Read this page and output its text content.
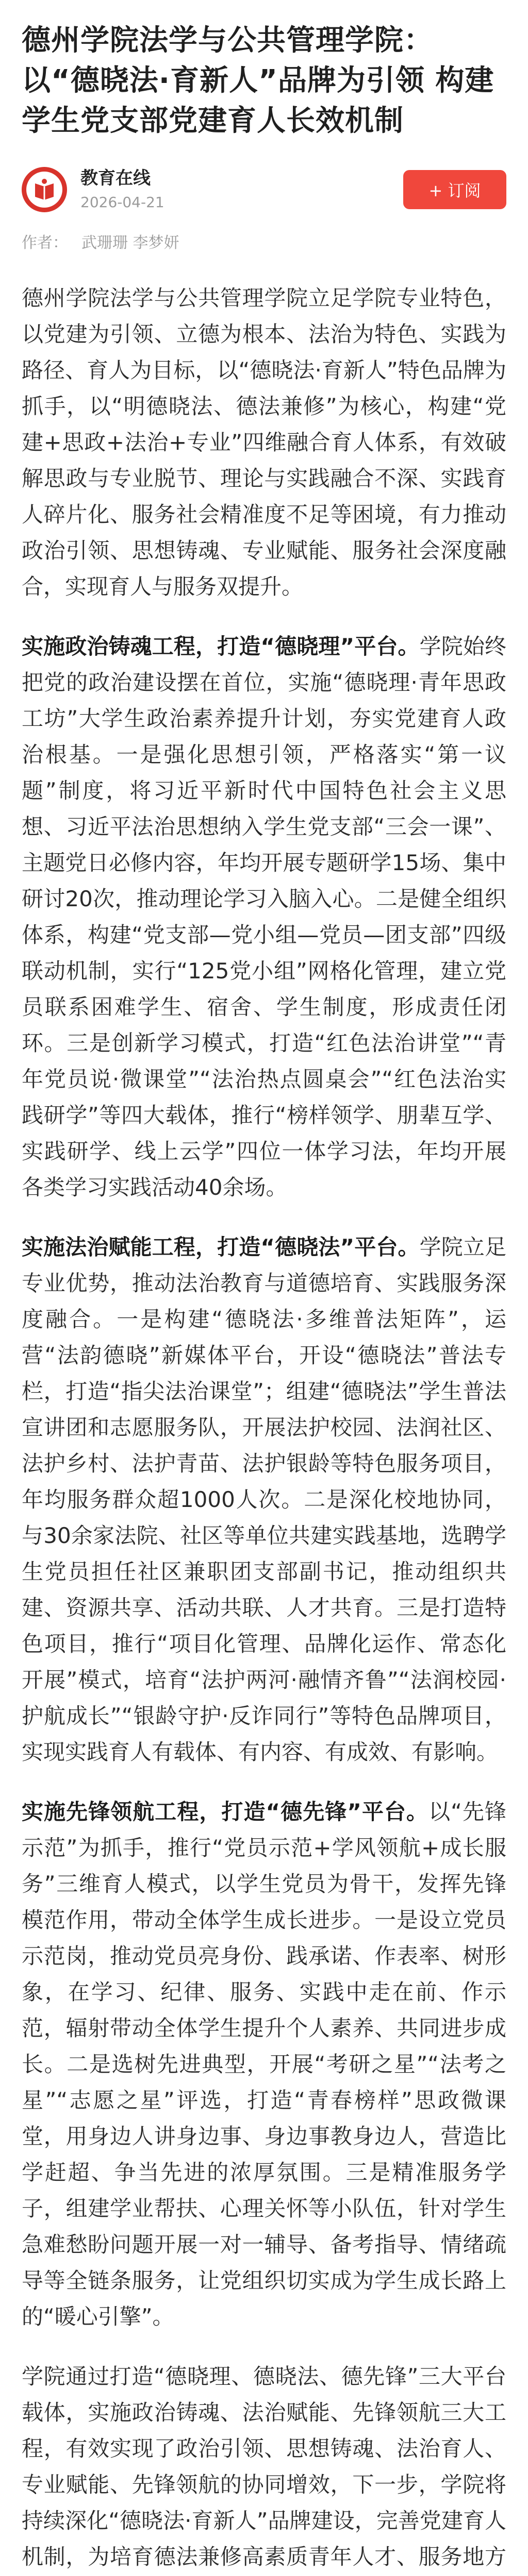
德州学院法学与公共管理学院：以“德晓法·育新人”品牌为引领 构建学生党支部党建育人长效机制
教育在线
2026-04-21
+ 订阅
作者： 武珊珊 李梦妍

德州学院法学与公共管理学院立足学院专业特色，以党建为引领、立德为根本、法治为特色、实践为路径、育人为目标，以“德晓法·育新人”特色品牌为抓手，以“明德晓法、德法兼修”为核心，构建“党建+思政+法治+专业”四维融合育人体系，有效破解思政与专业脱节、理论与实践融合不深、实践育人碎片化、服务社会精准度不足等困境，有力推动政治引领、思想铸魂、专业赋能、服务社会深度融合，实现育人与服务双提升。

实施政治铸魂工程，打造“德晓理”平台。学院始终把党的政治建设摆在首位，实施“德晓理·青年思政工坊”大学生政治素养提升计划，夯实党建育人政治根基。一是强化思想引领，严格落实“第一议题”制度，将习近平新时代中国特色社会主义思想、习近平法治思想纳入学生党支部“三会一课”、主题党日必修内容，年均开展专题研学15场、集中研讨20次，推动理论学习入脑入心。二是健全组织体系，构建“党支部—党小组—党员—团支部”四级联动机制，实行“125党小组”网格化管理，建立党员联系困难学生、宿舍、学生制度，形成责任闭环。三是创新学习模式，打造“红色法治讲堂”“青年党员说·微课堂”“法治热点圆桌会”“红色法治实践研学”等四大载体，推行“榜样领学、朋辈互学、实践研学、线上云学”四位一体学习法，年均开展各类学习实践活动40余场。

实施法治赋能工程，打造“德晓法”平台。学院立足专业优势，推动法治教育与道德培育、实践服务深度融合。一是构建“德晓法·多维普法矩阵”，运营“法韵德晓”新媒体平台，开设“德晓法”普法专栏，打造“指尖法治课堂”；组建“德晓法”学生普法宣讲团和志愿服务队，开展法护校园、法润社区、法护乡村、法护青苗、法护银龄等特色服务项目，年均服务群众超1000人次。二是深化校地协同，与30余家法院、社区等单位共建实践基地，选聘学生党员担任社区兼职团支部副书记，推动组织共建、资源共享、活动共联、人才共育。三是打造特色项目，推行“项目化管理、品牌化运作、常态化开展”模式，培育“法护两河·融情齐鲁”“法润校园·护航成长”“银龄守护·反诈同行”等特色品牌项目，实现实践育人有载体、有内容、有成效、有影响。

实施先锋领航工程，打造“德先锋”平台。以“先锋示范”为抓手，推行“党员示范+学风领航+成长服务”三维育人模式，以学生党员为骨干，发挥先锋模范作用，带动全体学生成长进步。一是设立党员示范岗，推动党员亮身份、践承诺、作表率、树形象，在学习、纪律、服务、实践中走在前、作示范，辐射带动全体学生提升个人素养、共同进步成长。二是选树先进典型，开展“考研之星”“法考之星”“志愿之星”评选，打造“青春榜样”思政微课堂，用身边人讲身边事、身边事教身边人，营造比学赶超、争当先进的浓厚氛围。三是精准服务学子，组建学业帮扶、心理关怀等小队伍，针对学生急难愁盼问题开展一对一辅导、备考指导、情绪疏导等全链条服务，让党组织切实成为学生成长路上的“暖心引擎”。

学院通过打造“德晓理、德晓法、德先锋”三大平台载体，实施政治铸魂、法治赋能、先锋领航三大工程，有效实现了政治引领、思想铸魂、法治育人、专业赋能、先锋领航的协同增效，下一步，学院将持续深化“德晓法·育新人”品牌建设，完善党建育人机制，为培育德法兼修高素质青年人才、服务地方
